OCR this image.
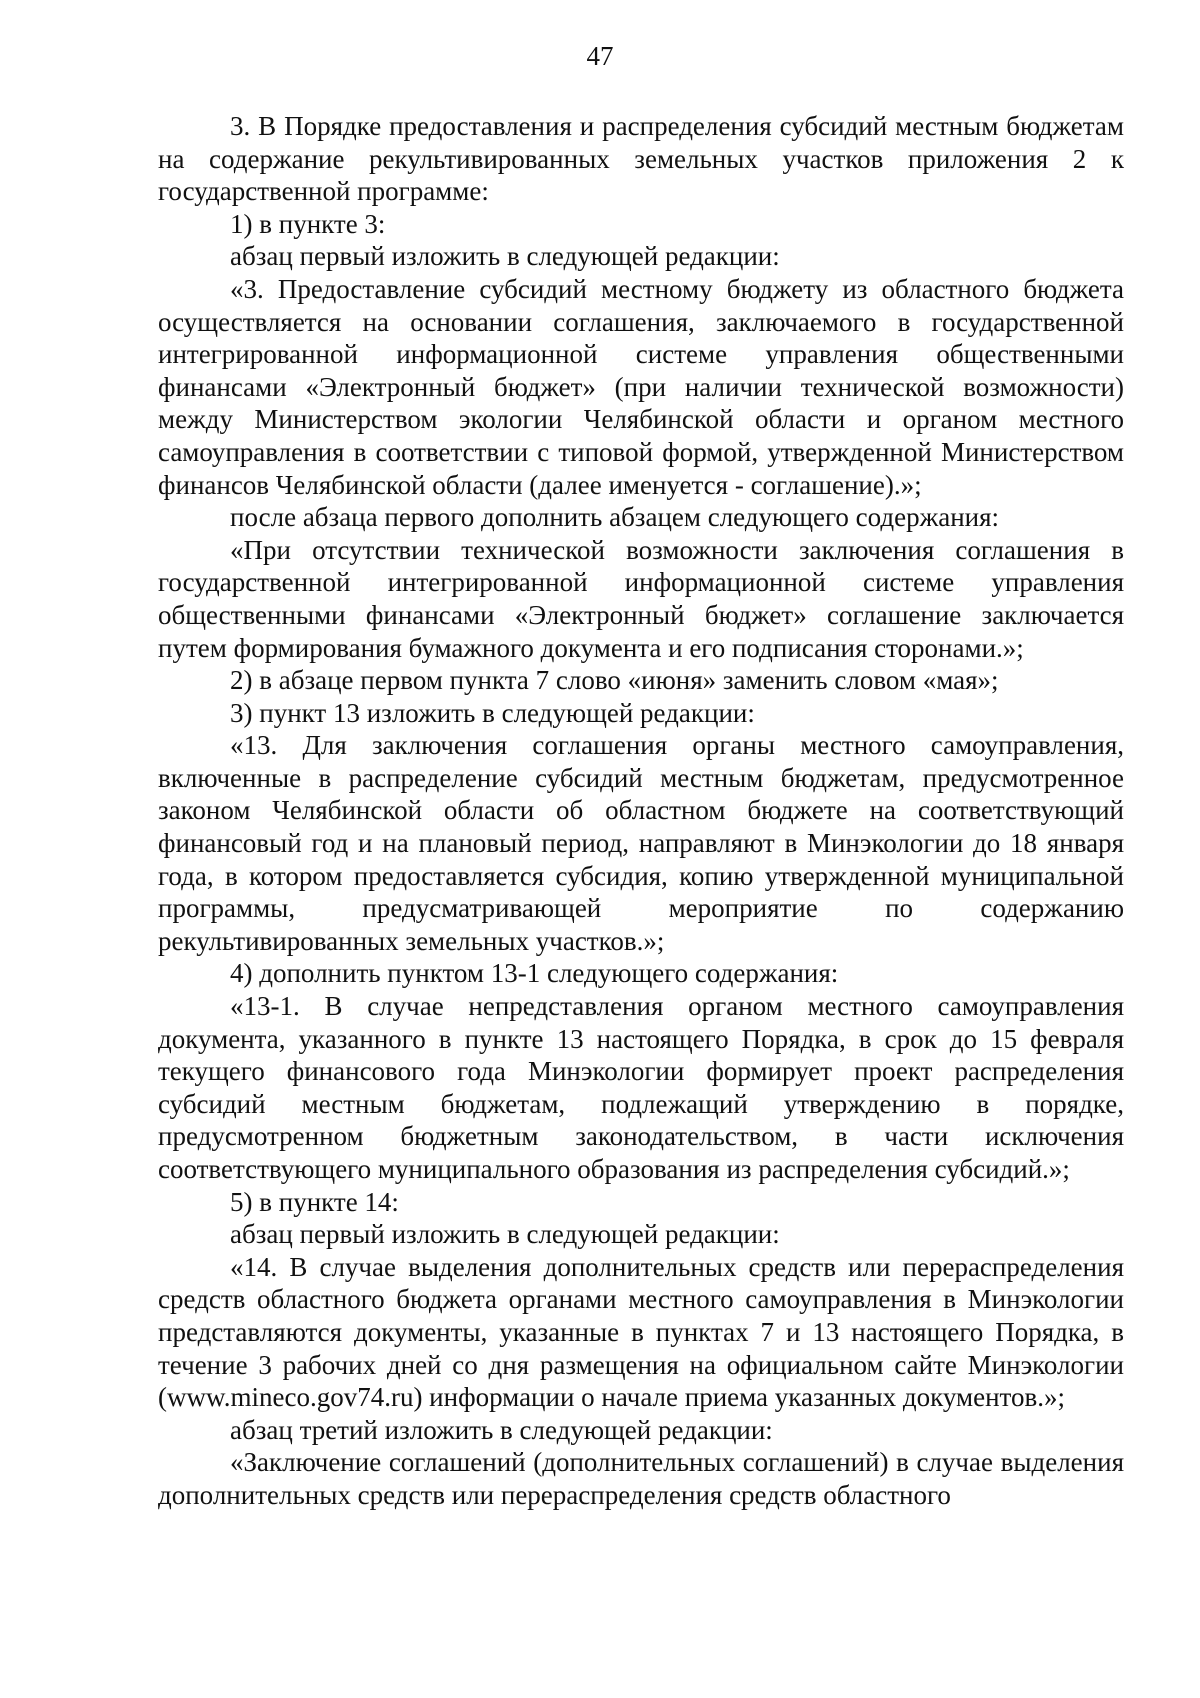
47

3. В Порядке предоставления и распределения субсидий местным бюджетам на содержание рекультивированных земельных участков приложения 2 к государственной программе:

1) в пункте 3:

абзац первый изложить в следующей редакции:

«3. Предоставление субсидий местному бюджету из областного бюджета осуществляется на основании соглашения, заключаемого в государственной интегрированной информационной системе управления общественными финансами «Электронный бюджет» (при наличии технической возможности) между Министерством экологии Челябинской области и органом местного самоуправления в соответствии с типовой формой, утвержденной Министерством финансов Челябинской области (далее именуется - соглашение).»;

после абзаца первого дополнить абзацем следующего содержания:

«При отсутствии технической возможности заключения соглашения в государственной интегрированной информационной системе управления общественными финансами «Электронный бюджет» соглашение заключается путем формирования бумажного документа и его подписания сторонами.»;

2) в абзаце первом пункта 7 слово «июня» заменить словом «мая»;

3) пункт 13 изложить в следующей редакции:

«13. Для заключения соглашения органы местного самоуправления, включенные в распределение субсидий местным бюджетам, предусмотренное законом Челябинской области об областном бюджете на соответствующий финансовый год и на плановый период, направляют в Минэкологии до 18 января года, в котором предоставляется субсидия, копию утвержденной муниципальной программы, предусматривающей мероприятие по содержанию рекультивированных земельных участков.»;

4) дополнить пунктом 13-1 следующего содержания:

«13-1. В случае непредставления органом местного самоуправления документа, указанного в пункте 13 настоящего Порядка, в срок до 15 февраля текущего финансового года Минэкологии формирует проект распределения субсидий местным бюджетам, подлежащий утверждению в порядке, предусмотренном бюджетным законодательством, в части исключения соответствующего муниципального образования из распределения субсидий.»;

5) в пункте 14:

абзац первый изложить в следующей редакции:

«14. В случае выделения дополнительных средств или перераспределения средств областного бюджета органами местного самоуправления в Минэкологии представляются документы, указанные в пунктах 7 и 13 настоящего Порядка, в течение 3 рабочих дней со дня размещения на официальном сайте Минэкологии (www.mineco.gov74.ru) информации о начале приема указанных документов.»;

абзац третий изложить в следующей редакции:

«Заключение соглашений (дополнительных соглашений) в случае выделения дополнительных средств или перераспределения средств областного
